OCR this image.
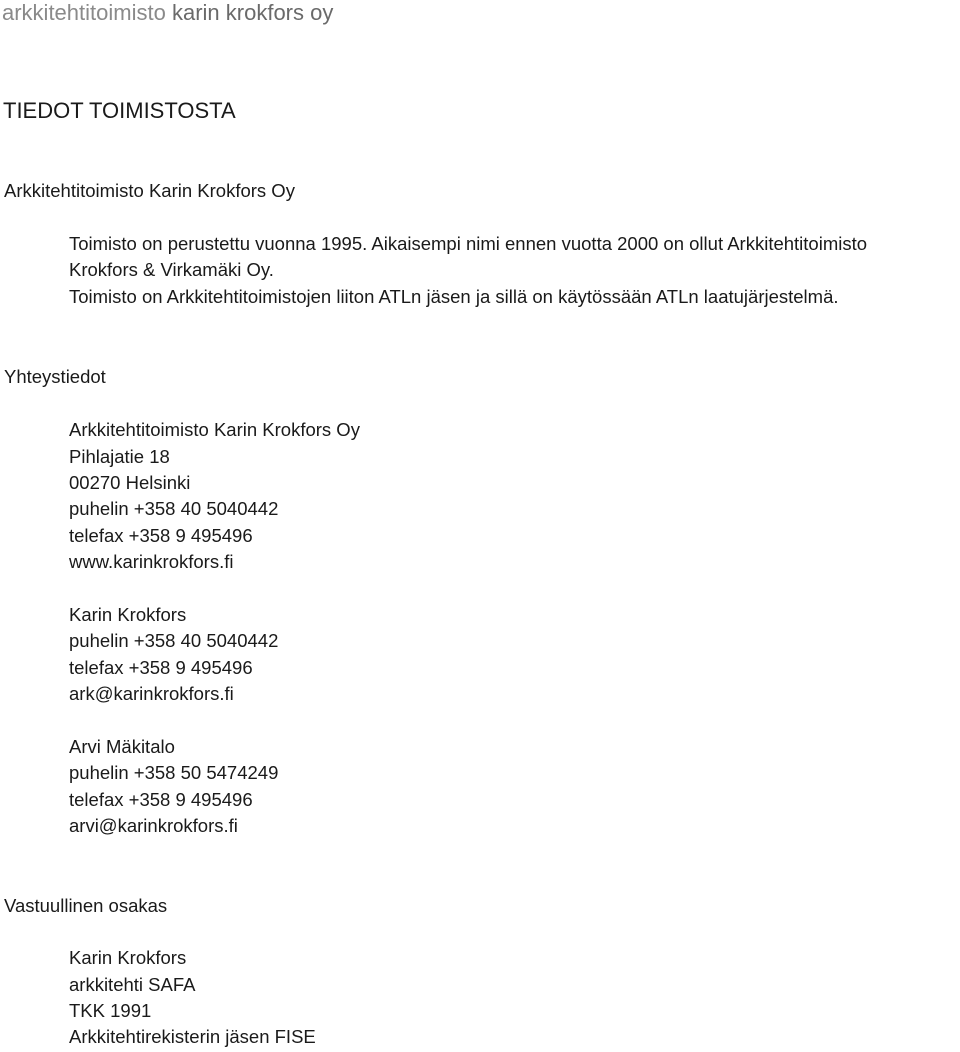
arkkitehtitoimisto karin krokfors oy
TIEDOT TOIMISTOSTA
Arkkitehtitoimisto Karin Krokfors Oy
Toimisto on perustettu vuonna 1995. Aikaisempi nimi ennen vuotta 2000 on ollut Arkkitehtitoimisto
Krokfors & Virkamäki Oy.
Toimisto on Arkkitehtitoimistojen liiton ATLn jäsen ja sillä on käytössään ATLn laatujärjestelmä.
Yhteystiedot
Arkkitehtitoimisto Karin Krokfors Oy
Pihlajatie 18
00270 Helsinki
puhelin +358 40 5040442
telefax +358 9 495496
www.karinkrokfors.fi
Karin Krokfors
puhelin +358 40 5040442
telefax +358 9 495496
ark@karinkrokfors.fi
Arvi Mäkitalo
puhelin +358 50 5474249
telefax +358 9 495496
arvi@karinkrokfors.fi
Vastuullinen osakas
Karin Krokfors
arkkitehti SAFA
TKK 1991
Arkkitehtirekisterin jäsen FISE
